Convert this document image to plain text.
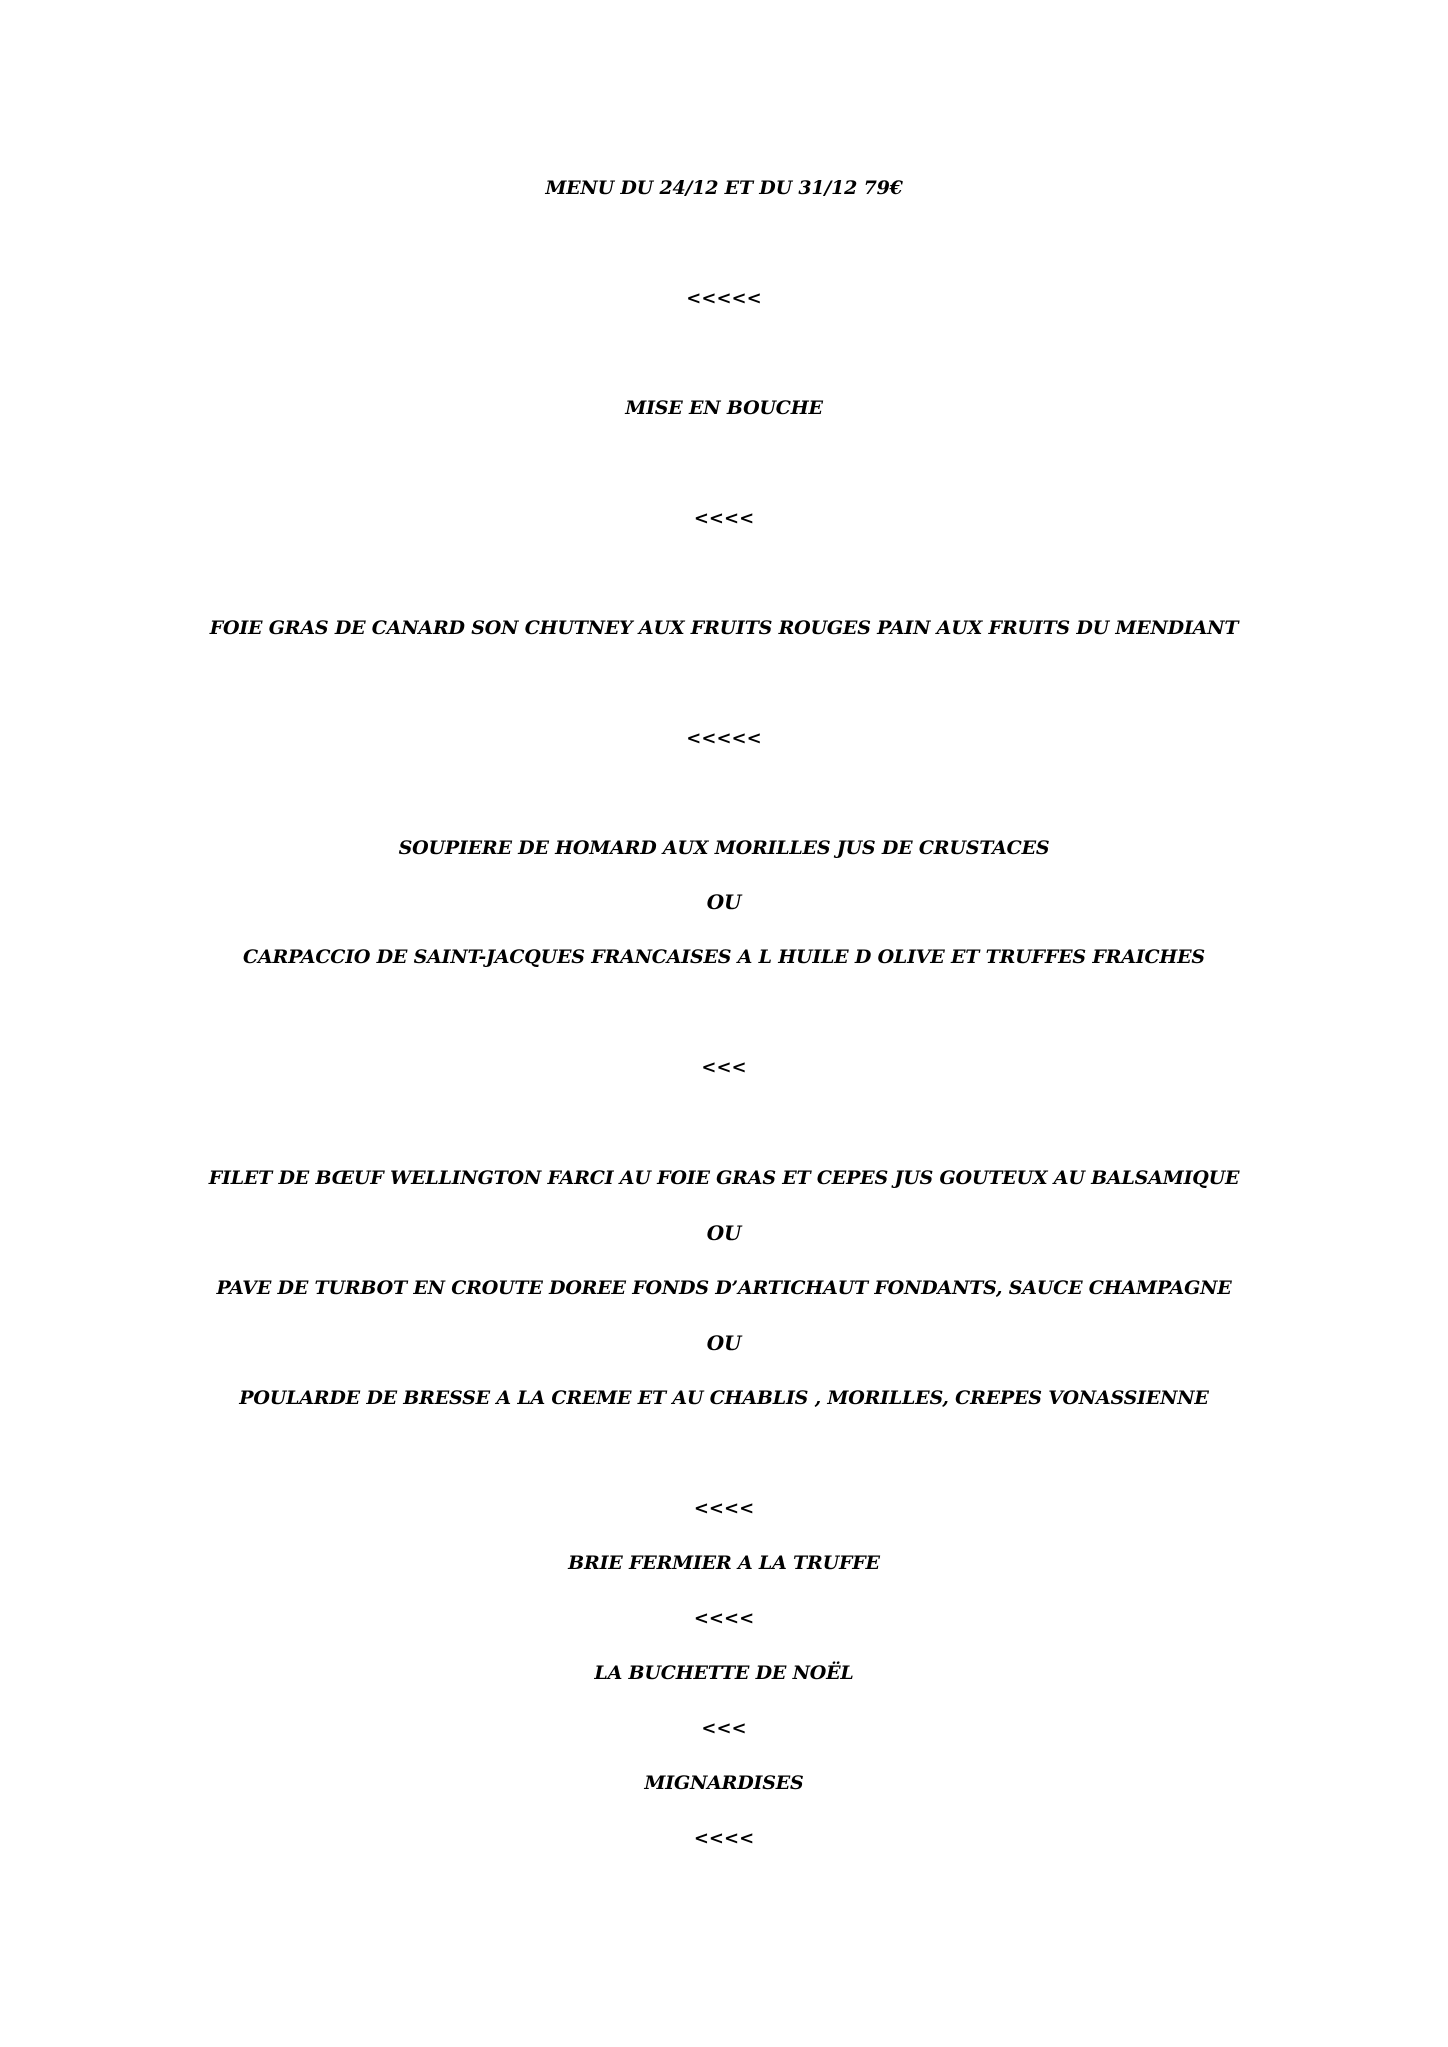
MENU DU 24/12 ET DU 31/12 79€
<<<<<
MISE EN BOUCHE
<<<<
FOIE GRAS DE CANARD SON CHUTNEY AUX FRUITS ROUGES PAIN AUX FRUITS DU MENDIANT
<<<<<
SOUPIERE DE HOMARD AUX MORILLES JUS DE CRUSTACES
OU
CARPACCIO DE SAINT-JACQUES FRANCAISES A L HUILE D OLIVE ET TRUFFES FRAICHES
<<<
FILET DE BŒUF WELLINGTON FARCI AU FOIE GRAS ET CEPES JUS GOUTEUX AU BALSAMIQUE
OU
PAVE DE TURBOT EN CROUTE DOREE FONDS D’ARTICHAUT FONDANTS, SAUCE CHAMPAGNE
OU
POULARDE DE BRESSE A LA CREME ET AU CHABLIS , MORILLES, CREPES VONASSIENNE
<<<<
BRIE FERMIER A LA TRUFFE
<<<<
LA BUCHETTE DE NOËL
<<<
MIGNARDISES
<<<<
